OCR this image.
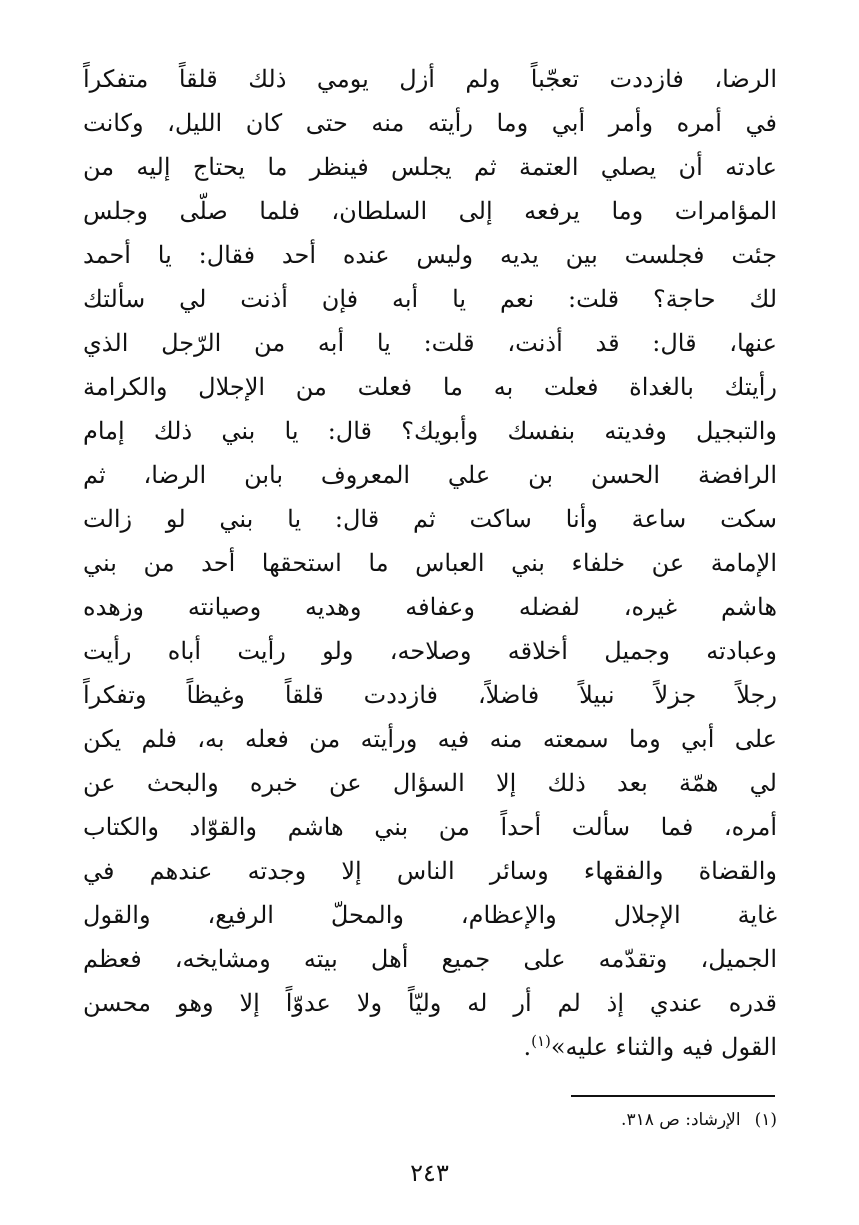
الرضا، فازددت تعجّباً ولم أزل يومي ذلك قلقاً متفكراً
في أمره وأمر أبي وما رأيته منه حتى كان الليل، وكانت
عادته أن يصلي العتمة ثم يجلس فينظر ما يحتاج إليه من
المؤامرات وما يرفعه إلى السلطان، فلما صلّى وجلس
جئت فجلست بين يديه وليس عنده أحد فقال: يا أحمد
لك حاجة؟ قلت: نعم يا أبه فإن أذنت لي سألتك
عنها، قال: قد أذنت، قلت: يا أبه من الرّجل الذي
رأيتك بالغداة فعلت به ما فعلت من الإجلال والكرامة
والتبجيل وفديته بنفسك وأبويك؟ قال: يا بني ذلك إمام
الرافضة الحسن بن علي المعروف بابن الرضا، ثم
سكت ساعة وأنا ساكت ثم قال: يا بني لو زالت
الإمامة عن خلفاء بني العباس ما استحقها أحد من بني
هاشم غيره، لفضله وعفافه وهديه وصيانته وزهده
وعبادته وجميل أخلاقه وصلاحه، ولو رأيت أباه رأيت
رجلاً جزلاً نبيلاً فاضلاً، فازددت قلقاً وغيظاً وتفكراً
على أبي وما سمعته منه فيه ورأيته من فعله به، فلم يكن
لي همّة بعد ذلك إلا السؤال عن خبره والبحث عن
أمره، فما سألت أحداً من بني هاشم والقوّاد والكتاب
والقضاة والفقهاء وسائر الناس إلا وجدته عندهم في
غاية الإجلال والإعظام، والمحلّ الرفيع، والقول
الجميل، وتقدّمه على جميع أهل بيته ومشايخه، فعظم
قدره عندي إذ لم أر له وليّاً ولا عدوّاً إلا وهو محسن
القول فيه والثناء عليه»$^{(١)}$.
(١)الإرشاد: ص ٣١٨.
٢٤٣
